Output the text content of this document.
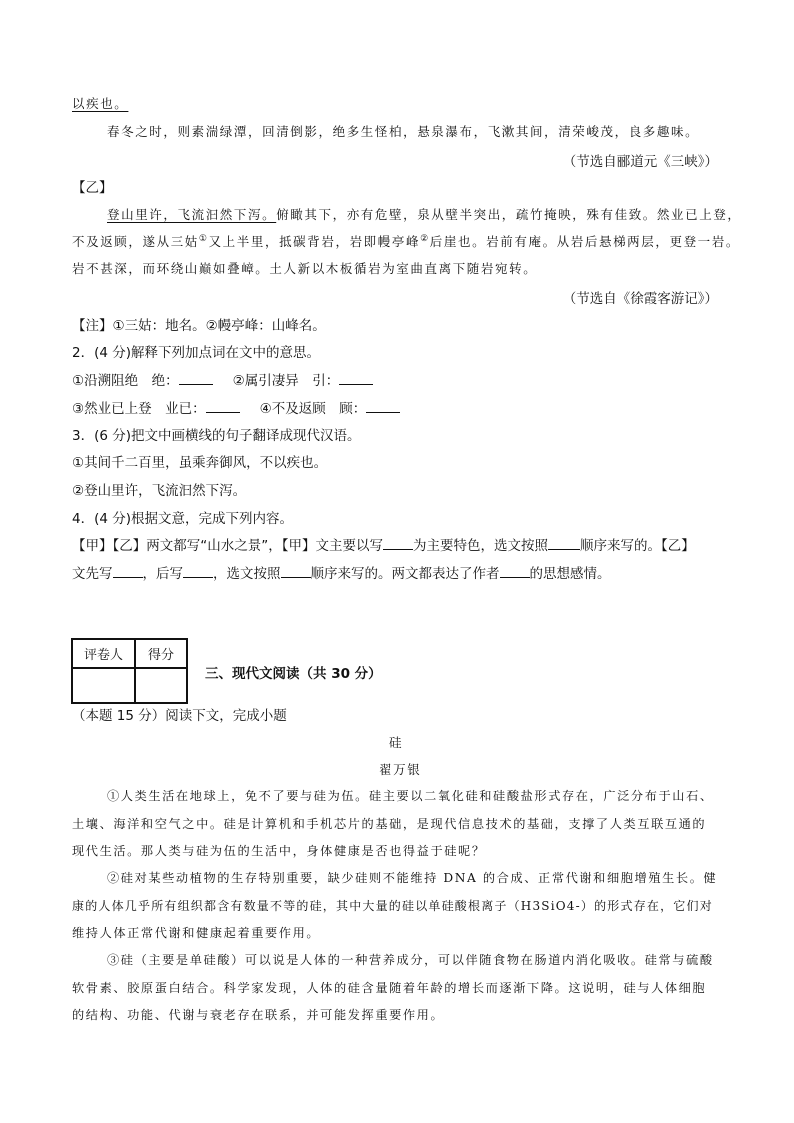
以疾也。
春冬之时，则素湍绿潭，回清倒影，绝多生怪柏，悬泉瀑布，飞漱其间，清荣峻茂，良多趣味。
（节选自郦道元《三峡》）
【乙】
登山里许，飞流汩然下泻。俯瞰其下，亦有危壁，泉从壁半突出，疏竹掩映，殊有佳致。然业已上登，
不及返顾，遂从三姑①又上半里，抵碳背岩，岩即幔亭峰②后崖也。岩前有庵。从岩后悬梯两层，更登一岩。
岩不甚深，而环绕山巅如叠嶂。土人新以木板循岩为室曲直离下随岩宛转。
（节选自《徐霞客游记》）
【注】①三姑：地名。②幔亭峰：山峰名。
2．(4 分)解释下列加点词在文中的意思。
①沿溯阻绝　绝：	②属引凄异　引：
③然业已上登　业已：	④不及返顾　顾：
3．(6 分)把文中画横线的句子翻译成现代汉语。
①其间千二百里，虽乘奔御风，不以疾也。
②登山里许，飞流汩然下泻。
4．(4 分)根据文意，完成下列内容。
【甲】【乙】两文都写“山水之景”，【甲】文主要以写 为主要特色，选文按照 顺序来写的。【乙】
文先写 ，后写 ，选文按照 顺序来写的。两文都表达了作者 的思想感情。
评卷人	得分

三、现代文阅读（共 30 分）
（本题 15 分）阅读下文，完成小题
硅
翟万银
①人类生活在地球上，免不了要与硅为伍。硅主要以二氧化硅和硅酸盐形式存在，广泛分布于山石、
土壤、海洋和空气之中。硅是计算机和手机芯片的基础，是现代信息技术的基础，支撑了人类互联互通的
现代生活。那人类与硅为伍的生活中，身体健康是否也得益于硅呢？
②硅对某些动植物的生存特别重要，缺少硅则不能维持 DNA 的合成、正常代谢和细胞增殖生长。健
康的人体几乎所有组织都含有数量不等的硅，其中大量的硅以单硅酸根离子（H3SiO4-）的形式存在，它们对
维持人体正常代谢和健康起着重要作用。
③硅（主要是单硅酸）可以说是人体的一种营养成分，可以伴随食物在肠道内消化吸收。硅常与硫酸
软骨素、胶原蛋白结合。科学家发现，人体的硅含量随着年龄的增长而逐渐下降。这说明，硅与人体细胞
的结构、功能、代谢与衰老存在联系，并可能发挥重要作用。
